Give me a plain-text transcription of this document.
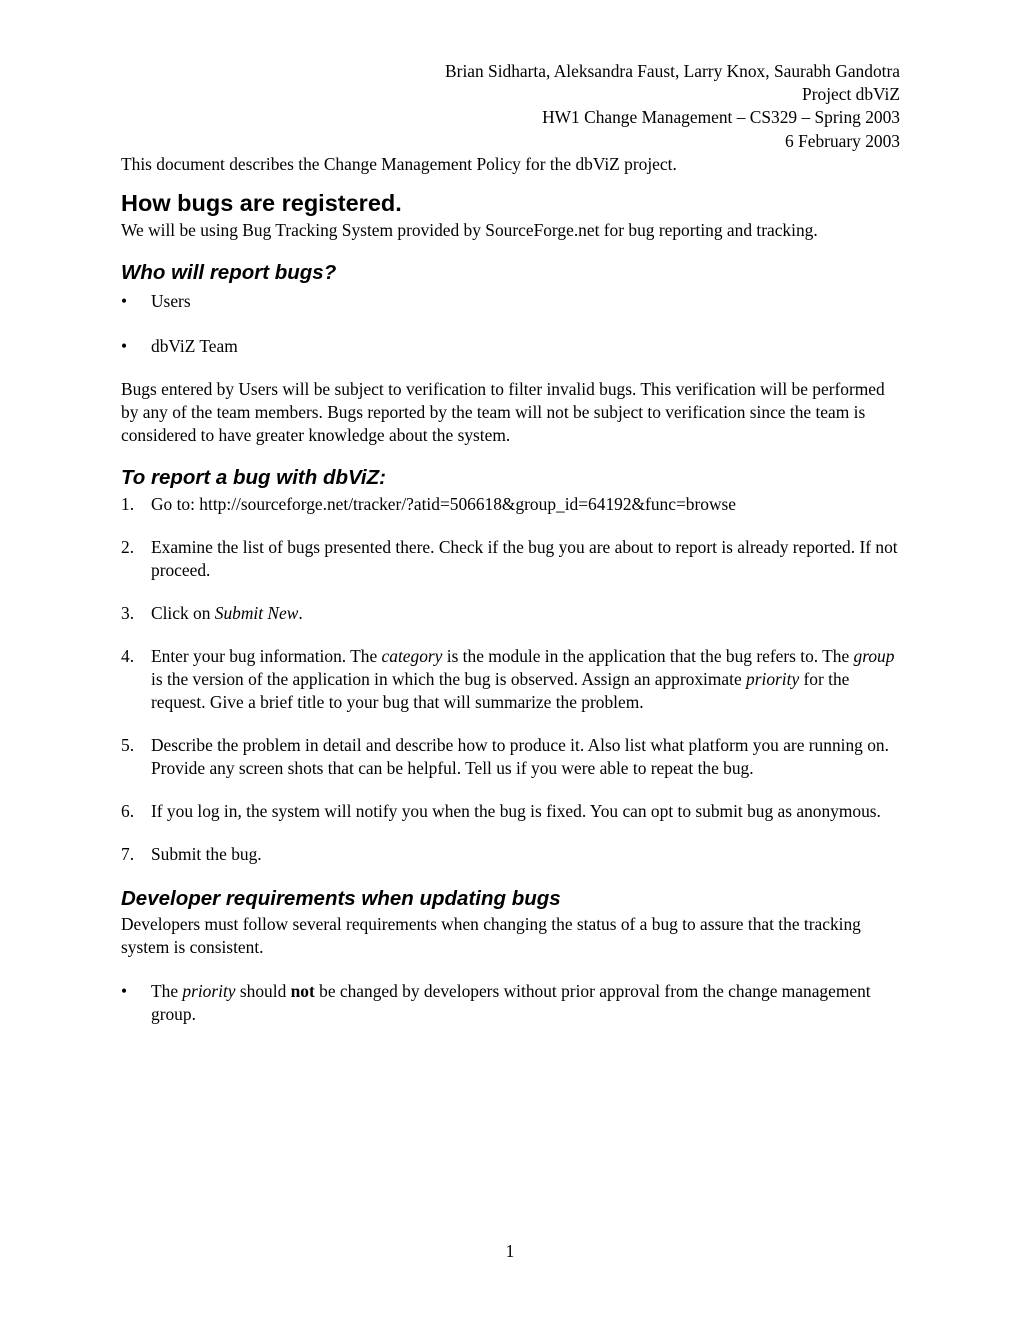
Brian Sidharta, Aleksandra Faust, Larry Knox, Saurabh Gandotra
Project dbViZ
HW1 Change Management – CS329 – Spring 2003
6 February 2003

This document describes the Change Management Policy for the dbViZ project.

How bugs are registered.

We will be using Bug Tracking System provided by SourceForge.net for bug reporting and tracking.

Who will report bugs?
• Users
• dbViZ Team

Bugs entered by Users will be subject to verification to filter invalid bugs. This verification will be performed by any of the team members. Bugs reported by the team will not be subject to verification since the team is considered to have greater knowledge about the system.

To report a bug with dbViZ:
1. Go to: http://sourceforge.net/tracker/?atid=506618&group_id=64192&func=browse
2. Examine the list of bugs presented there. Check if the bug you are about to report is already reported. If not proceed.
3. Click on Submit New.
4. Enter your bug information. The category is the module in the application that the bug refers to. The group is the version of the application in which the bug is observed. Assign an approximate priority for the request. Give a brief title to your bug that will summarize the problem.
5. Describe the problem in detail and describe how to produce it. Also list what platform you are running on. Provide any screen shots that can be helpful. Tell us if you were able to repeat the bug.
6. If you log in, the system will notify you when the bug is fixed. You can opt to submit bug as anonymous.
7. Submit the bug.
Developer requirements when updating bugs

Developers must follow several requirements when changing the status of a bug to assure that the tracking system is consistent.

• The priority should not be changed by developers without prior approval from the change management group.
1
